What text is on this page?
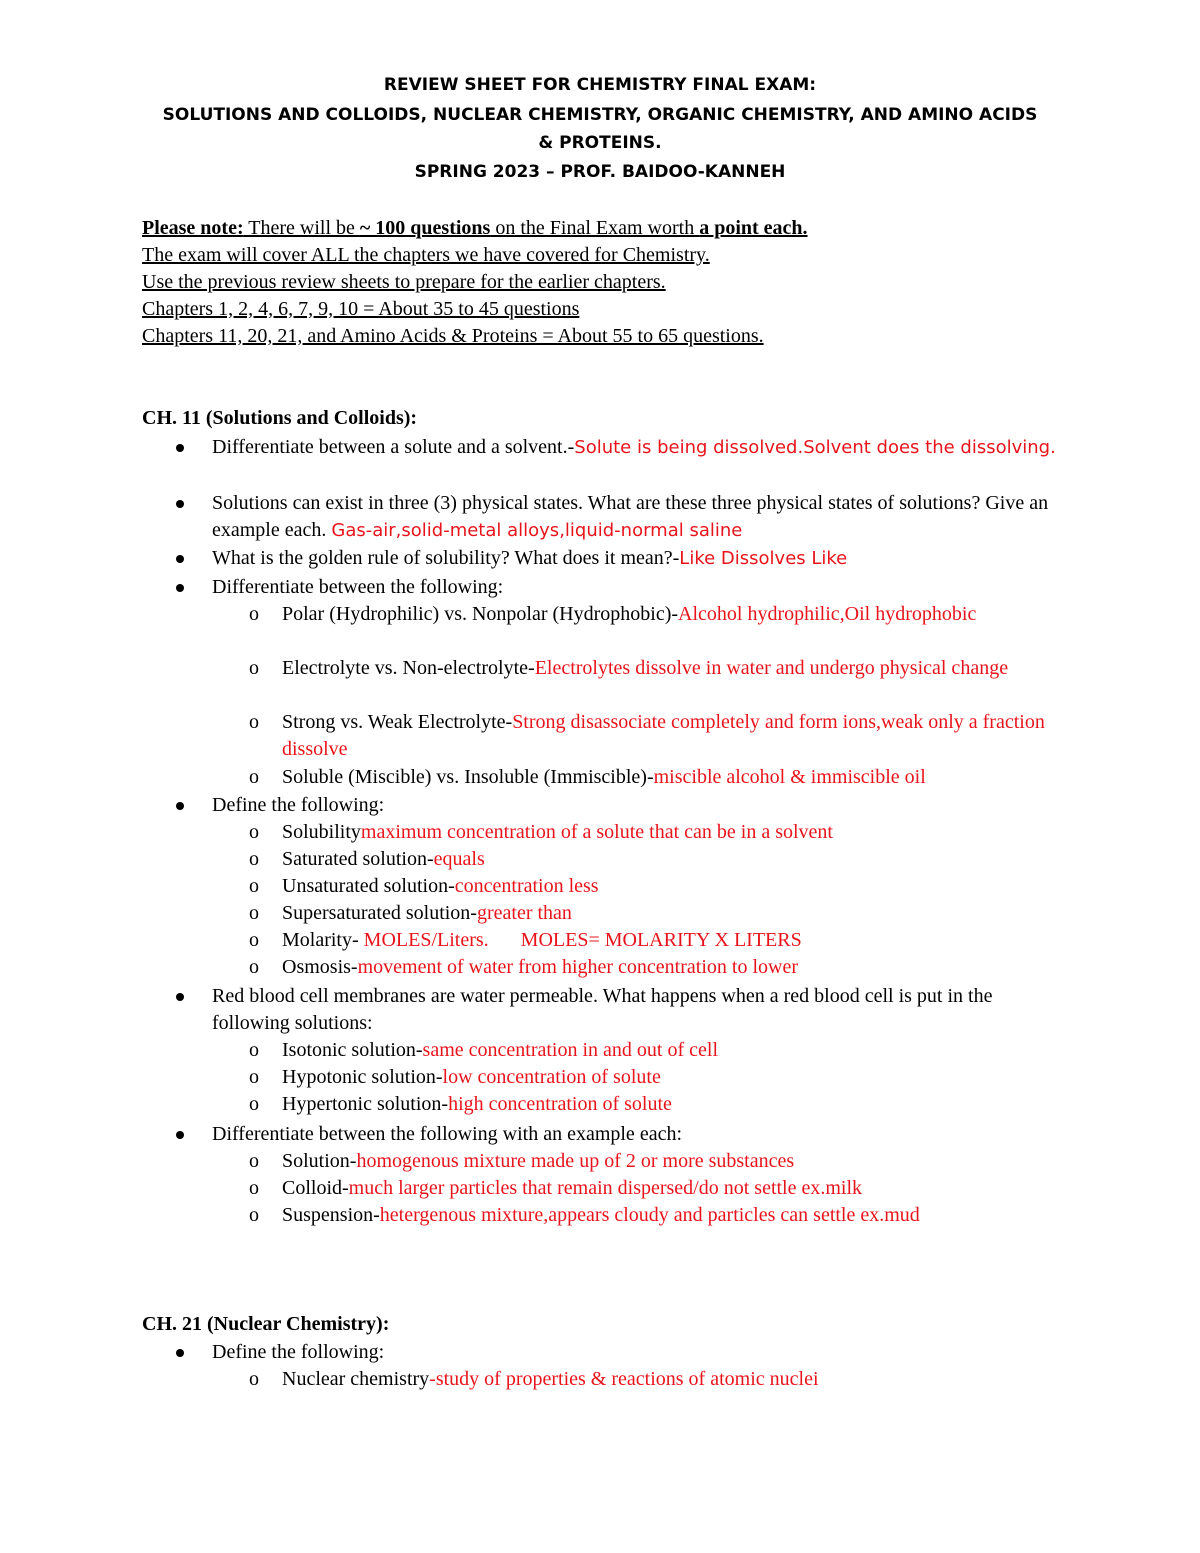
REVIEW SHEET FOR CHEMISTRY FINAL EXAM:
SOLUTIONS AND COLLOIDS, NUCLEAR CHEMISTRY, ORGANIC CHEMISTRY, AND AMINO ACIDS
& PROTEINS.
SPRING 2023 – PROF. BAIDOO-KANNEH
Please note: There will be ~ 100 questions on the Final Exam worth a point each.
The exam will cover ALL the chapters we have covered for Chemistry.
Use the previous review sheets to prepare for the earlier chapters.
Chapters 1, 2, 4, 6, 7, 9, 10 = About 35 to 45 questions
Chapters 11, 20, 21, and Amino Acids & Proteins = About 55 to 65 questions.
CH. 11 (Solutions and Colloids):
Differentiate between a solute and a solvent.-Solute is being dissolved.Solvent does the dissolving.
Solutions can exist in three (3) physical states. What are these three physical states of solutions? Give an example each. Gas-air,solid-metal alloys,liquid-normal saline
What is the golden rule of solubility? What does it mean?-Like Dissolves Like
Differentiate between the following:
o Polar (Hydrophilic) vs. Nonpolar (Hydrophobic)-Alcohol hydrophilic,Oil hydrophobic
o Electrolyte vs. Non-electrolyte-Electrolytes dissolve in water and undergo physical change
o Strong vs. Weak Electrolyte-Strong disassociate completely and form ions,weak only a fraction dissolve
o Soluble (Miscible) vs. Insoluble (Immiscible)-miscible alcohol & immiscible oil
Define the following:
o Solubilitymaximum concentration of a solute that can be in a solvent
o Saturated solution-equals
o Unsaturated solution-concentration less
o Supersaturated solution-greater than
o Molarity- MOLES/Liters. MOLES= MOLARITY X LITERS
o Osmosis-movement of water from higher concentration to lower
Red blood cell membranes are water permeable. What happens when a red blood cell is put in the following solutions:
o Isotonic solution-same concentration in and out of cell
o Hypotonic solution-low concentration of solute
o Hypertonic solution-high concentration of solute
Differentiate between the following with an example each:
o Solution-homogenous mixture made up of 2 or more substances
o Colloid-much larger particles that remain dispersed/do not settle ex.milk
o Suspension-hetergenous mixture,appears cloudy and particles can settle ex.mud
CH. 21 (Nuclear Chemistry):
Define the following:
o Nuclear chemistry-study of properties & reactions of atomic nuclei
